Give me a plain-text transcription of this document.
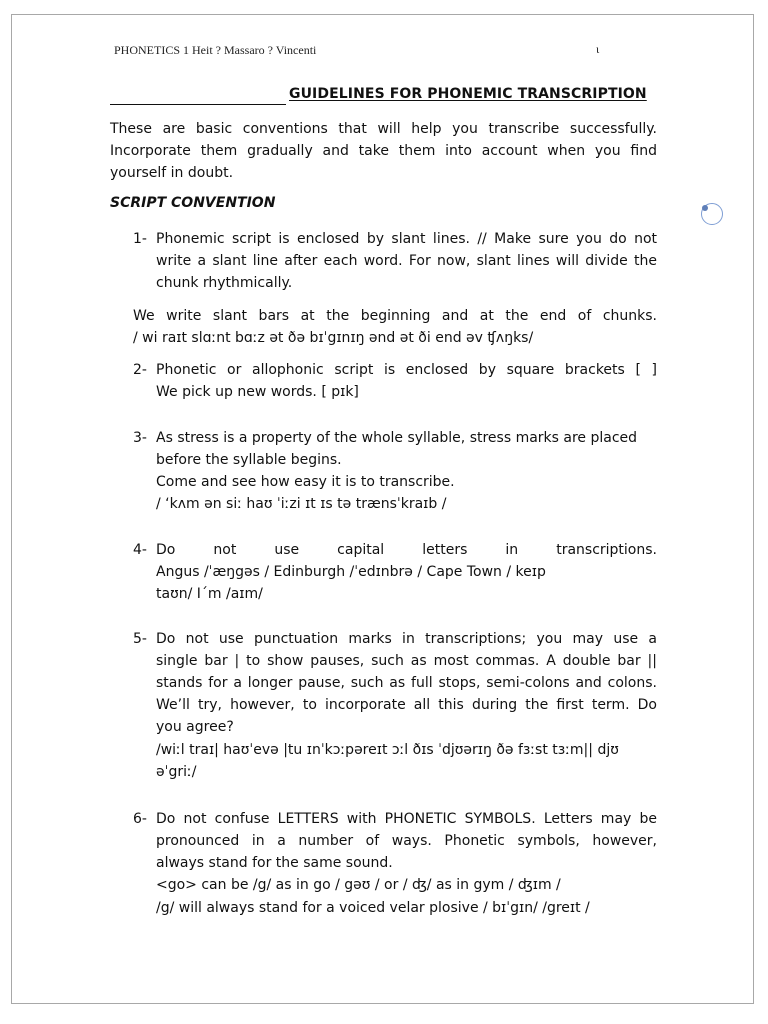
PHONETICS 1 Heit ? Massaro ? Vincenti	ι
GUIDELINES FOR PHONEMIC TRANSCRIPTION
These are basic conventions that will help you transcribe successfully.
Incorporate them gradually and take them into account when you find
yourself in doubt.
SCRIPT CONVENTION
1- Phonemic script is enclosed by slant lines. // Make sure you do not
write a slant line after each word. For now, slant lines will divide the
chunk rhythmically.
We write slant bars at the beginning and at the end of chunks.
/ wi raɪt slɑːnt bɑːz ət ðə bɪˈgɪnɪŋ ənd ət ði end əv ʧʌŋks/
2- Phonetic or allophonic script is enclosed by square brackets [ ]
We pick up new words. [ pɪk]
3- As stress is a property of the whole syllable, stress marks are placed
before the syllable begins.
Come and see how easy it is to transcribe.
/ ‘kʌm ən siː haʊ ˈiːzi ɪt ɪs tə trænsˈkraɪb /
4- Do not use capital letters in transcriptions.
Angus /ˈæŋgəs / Edinburgh /ˈedɪnbrə / Cape Town / keɪp
taʊn/ I´m /aɪm/
5- Do not use punctuation marks in transcriptions; you may use a
single bar | to show pauses, such as most commas. A double bar ||
stands for a longer pause, such as full stops, semi-colons and colons.
We’ll try, however, to incorporate all this during the first term. Do
you agree?
/wiːl traɪ| haʊˈevə |tu ɪnˈkɔːpəreɪt ɔːl ðɪs ˈdjʊərɪŋ ðə fɜːst tɜːm|| djʊ
əˈgriː/
6- Do not confuse LETTERS with PHONETIC SYMBOLS. Letters may be
pronounced in a number of ways. Phonetic symbols, however,
always stand for the same sound.
<go> can be /g/ as in go / gəʊ / or / ʤ/ as in gym / ʤɪm /
/g/ will always stand for a voiced velar plosive / bɪˈgɪn/ /greɪt /
